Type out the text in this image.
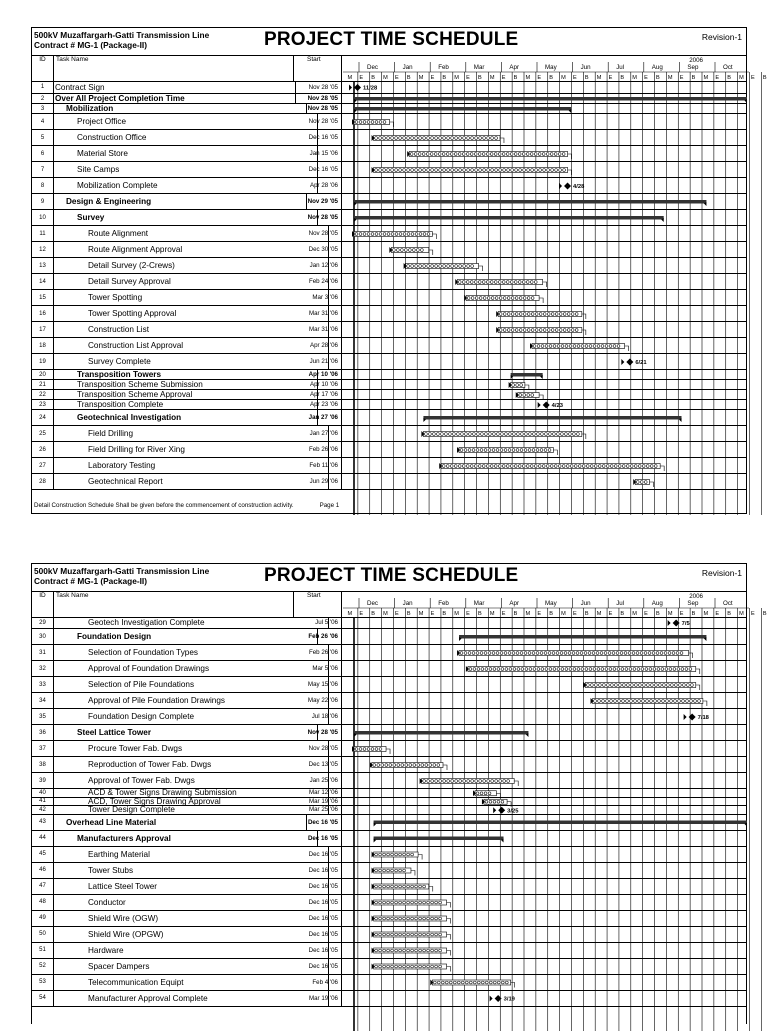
500kV Muzaffargarh-Gatti Transmission Line
Contract # MG-1 (Package-II)	PROJECT TIME SCHEDULE	Revision-1
ID	Task Name	Start	2006
Dec	Jan	Feb	Mar	Apr	May	Jun	Jul	Aug	Sep	Oct
M E B M E B M E B M E B M E B M E B M E B M E B M E B M E B M E B M E B
11/28
4/28
6/21
4/23
1	Contract Sign	Nov 28 '05
2	Over All Project Completion Time	Nov 28 '05
3	Mobilization	Nov 28 '05
4	Project Office	Nov 28 '05
5	Construction Office	Dec 16 '05
6	Material Store	Jan 15 '06
7	Site Camps	Dec 16 '05
8	Mobilization Complete	Apr 28 '06
9	Design & Engineering	Nov 29 '05
10	Survey	Nov 28 '05
11	Route Alignment	Nov 28 '05
12	Route Alignment Approval	Dec 30 '05
13	Detail Survey (2-Crews)	Jan 12 '06
14	Detail Survey Approval	Feb 24 '06
15	Tower Spotting	Mar 3 '06
16	Tower Spotting Approval	Mar 31 '06
17	Construction List	Mar 31 '06
18	Construction List Approval	Apr 28 '06
19	Survey Complete	Jun 21 '06
20	Transposition Towers	Apr 10 '06
21	Transposition Scheme Submission	Apr 10 '06
22	Transposition Scheme Approval	Apr 17 '06
23	Transposition Complete	Apr 23 '06
24	Geotechnical Investigation	Jan 27 '06
25	Field Drilling	Jan 27 '06
26	Field Drilling for River Xing	Feb 26 '06
27	Laboratory Testing	Feb 11 '06
28	Geotechnical Report	Jun 29 '06
Detail Construction Schedule Shall be given before the commencement of construction activity.	Page 1
500kV Muzaffargarh-Gatti Transmission Line
Contract # MG-1 (Package-II)	PROJECT TIME SCHEDULE	Revision-1
ID	Task Name	Start	2006
Dec	Jan	Feb	Mar	Apr	May	Jun	Jul	Aug	Sep	Oct
M E B M E B M E B M E B M E B M E B M E B M E B M E B M E B M E B M E B
7/5
7/18
3/25
3/19
29	Geotech Investigation Complete	Jul 5 '06
30	Foundation Design	Feb 26 '06
31	Selection of Foundation Types	Feb 26 '06
32	Approval of Foundation Drawings	Mar 5 '06
33	Selection of Pile Foundations	May 15 '06
34	Approval of Pile Foundation Drawings	May 22 '06
35	Foundation Design Complete	Jul 18 '06
36	Steel Lattice Tower	Nov 28 '05
37	Procure Tower Fab. Dwgs	Nov 28 '05
38	Reproduction of Tower Fab. Dwgs	Dec 13 '05
39	Approval of Tower Fab. Dwgs	Jan 25 '06
40	ACD & Tower Signs Drawing Submission	Mar 12 '06
41	ACD, Tower Signs Drawing Approval	Mar 19 '06
42	Tower Design Complete	Mar 25 '06
43	Overhead Line Material	Dec 16 '05
44	Manufacturers Approval	Dec 16 '05
45	Earthing Material	Dec 16 '05
46	Tower Stubs	Dec 16 '05
47	Lattice Steel Tower	Dec 16 '05
48	Conductor	Dec 16 '05
49	Shield Wire (OGW)	Dec 16 '05
50	Shield Wire (OPGW)	Dec 16 '05
51	Hardware	Dec 16 '05
52	Spacer Dampers	Dec 16 '05
53	Telecommunication Equipt	Feb 4 '06
54	Manufacturer Approval Complete	Mar 19 '06
